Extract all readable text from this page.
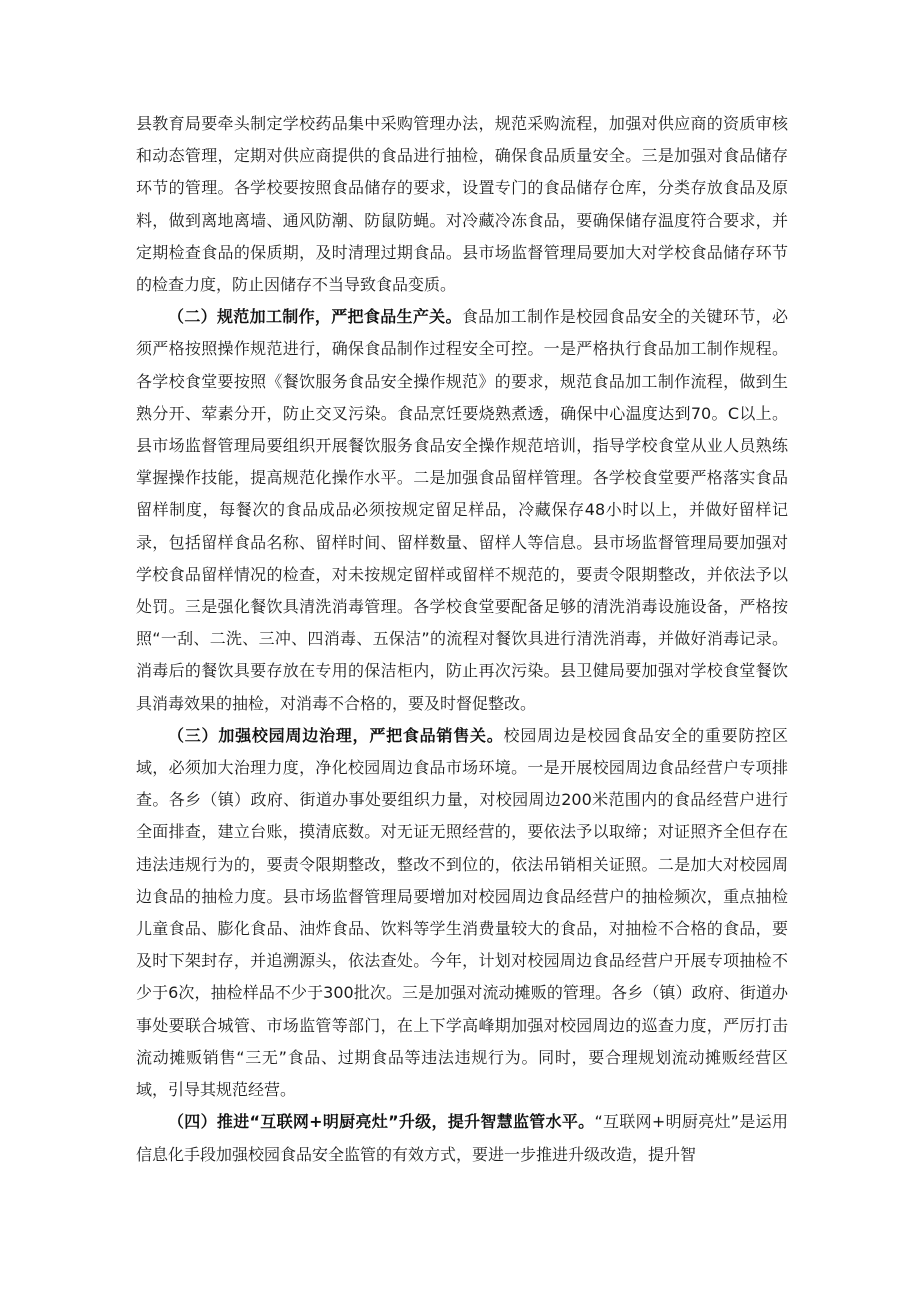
县教育局要牵头制定学校药品集中采购管理办法，规范采购流程，加强对供应商的资质审核和动态管理，定期对供应商提供的食品进行抽检，确保食品质量安全。三是加强对食品储存环节的管理。各学校要按照食品储存的要求，设置专门的食品储存仓库，分类存放食品及原料，做到离地离墙、通风防潮、防鼠防蝇。对冷藏冷冻食品，要确保储存温度符合要求，并定期检查食品的保质期，及时清理过期食品。县市场监督管理局要加大对学校食品储存环节的检查力度，防止因储存不当导致食品变质。

（二）规范加工制作，严把食品生产关。食品加工制作是校园食品安全的关键环节，必须严格按照操作规范进行，确保食品制作过程安全可控。一是严格执行食品加工制作规程。各学校食堂要按照《餐饮服务食品安全操作规范》的要求，规范食品加工制作流程，做到生熟分开、荤素分开，防止交叉污染。食品烹饪要烧熟煮透，确保中心温度达到70。C以上。县市场监督管理局要组织开展餐饮服务食品安全操作规范培训，指导学校食堂从业人员熟练掌握操作技能，提高规范化操作水平。二是加强食品留样管理。各学校食堂要严格落实食品留样制度，每餐次的食品成品必须按规定留足样品，冷藏保存48小时以上，并做好留样记录，包括留样食品名称、留样时间、留样数量、留样人等信息。县市场监督管理局要加强对学校食品留样情况的检查，对未按规定留样或留样不规范的，要责令限期整改，并依法予以处罚。三是强化餐饮具清洗消毒管理。各学校食堂要配备足够的清洗消毒设施设备，严格按照“一刮、二洗、三冲、四消毒、五保洁”的流程对餐饮具进行清洗消毒，并做好消毒记录。消毒后的餐饮具要存放在专用的保洁柜内，防止再次污染。县卫健局要加强对学校食堂餐饮具消毒效果的抽检，对消毒不合格的，要及时督促整改。

（三）加强校园周边治理，严把食品销售关。校园周边是校园食品安全的重要防控区域，必须加大治理力度，净化校园周边食品市场环境。一是开展校园周边食品经营户专项排查。各乡（镇）政府、街道办事处要组织力量，对校园周边200米范围内的食品经营户进行全面排查，建立台账，摸清底数。对无证无照经营的，要依法予以取缔；对证照齐全但存在违法违规行为的，要责令限期整改，整改不到位的，依法吊销相关证照。二是加大对校园周边食品的抽检力度。县市场监督管理局要增加对校园周边食品经营户的抽检频次，重点抽检儿童食品、膨化食品、油炸食品、饮料等学生消费量较大的食品，对抽检不合格的食品，要及时下架封存，并追溯源头，依法查处。今年，计划对校园周边食品经营户开展专项抽检不少于6次，抽检样品不少于300批次。三是加强对流动摊贩的管理。各乡（镇）政府、街道办事处要联合城管、市场监管等部门，在上下学高峰期加强对校园周边的巡查力度，严厉打击流动摊贩销售“三无”食品、过期食品等违法违规行为。同时，要合理规划流动摊贩经营区域，引导其规范经营。

（四）推进“互联网+明厨亮灶”升级，提升智慧监管水平。“互联网+明厨亮灶”是运用信息化手段加强校园食品安全监管的有效方式，要进一步推进升级改造，提升智
